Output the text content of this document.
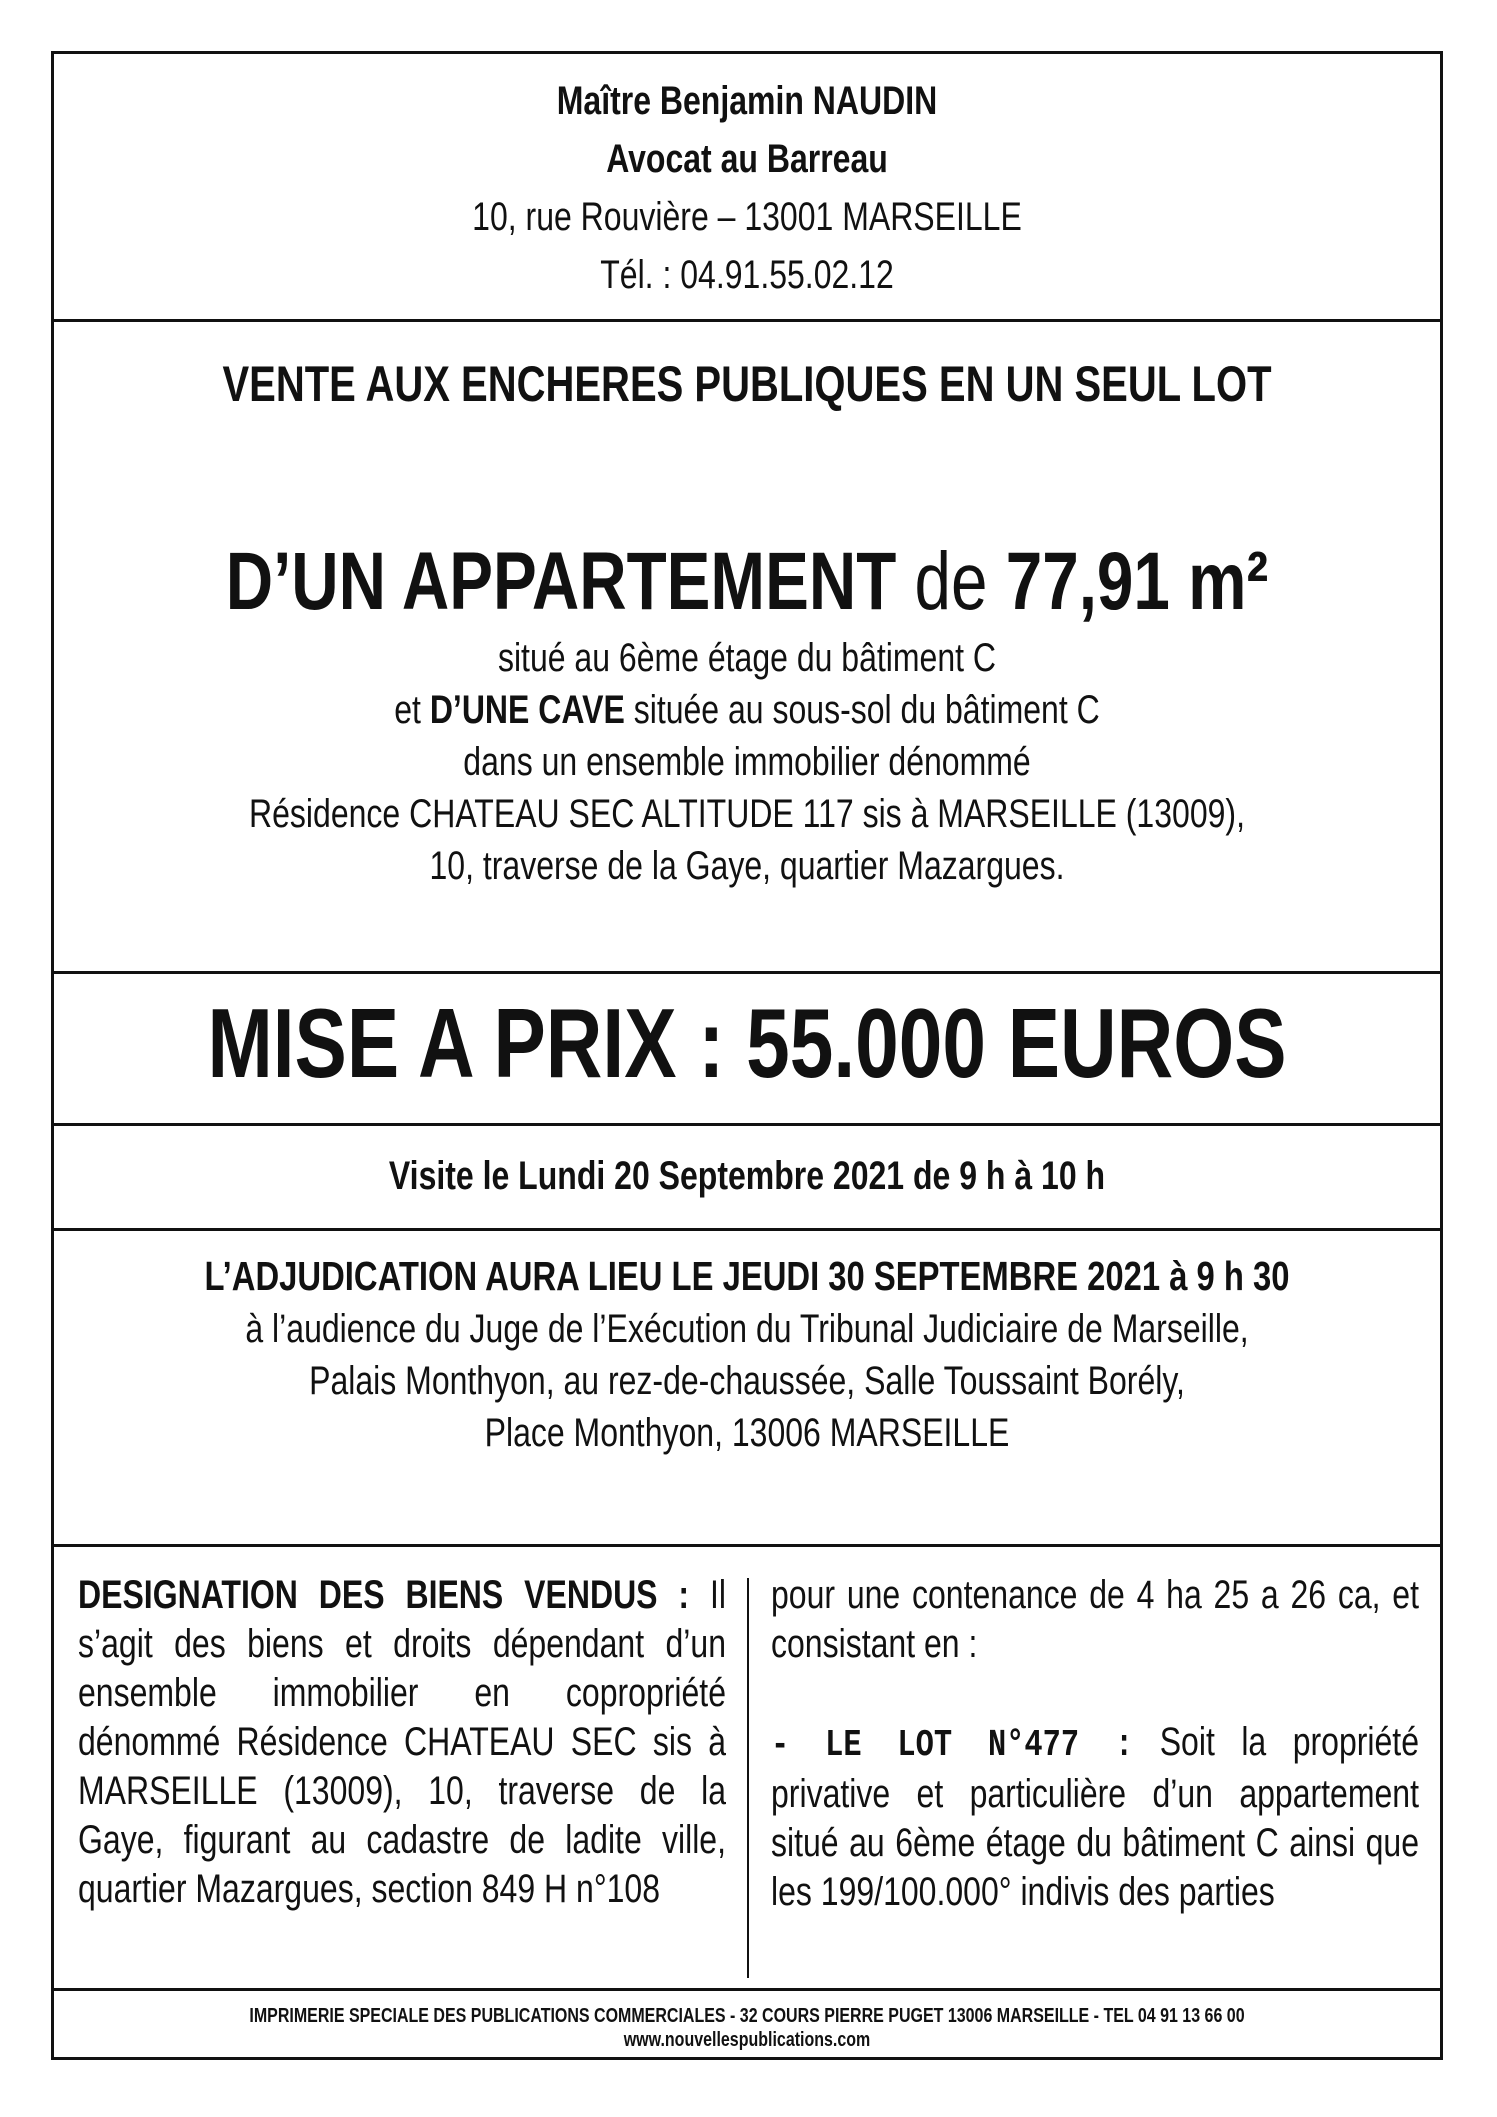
Maître Benjamin NAUDIN
Avocat au Barreau
10, rue Rouvière – 13001 MARSEILLE
Tél. : 04.91.55.02.12
VENTE AUX ENCHERES PUBLIQUES EN UN SEUL LOT
D’UN APPARTEMENT de 77,91 m²
situé au 6ème étage du bâtiment C
et D’UNE CAVE située au sous-sol du bâtiment C
dans un ensemble immobilier dénommé
Résidence CHATEAU SEC ALTITUDE 117 sis à MARSEILLE (13009),
10, traverse de la Gaye, quartier Mazargues.
MISE A PRIX : 55.000 EUROS
Visite le Lundi 20 Septembre 2021 de 9 h à 10 h
L’ADJUDICATION AURA LIEU LE JEUDI 30 SEPTEMBRE 2021 à 9 h 30
à l’audience du Juge de l’Exécution du Tribunal Judiciaire de Marseille,
Palais Monthyon, au rez-de-chaussée, Salle Toussaint Borély,
Place Monthyon, 13006 MARSEILLE

DESIGNATION DES BIENS VENDUS : Il s’agit des biens et droits dépendant d’un ensemble immobilier en copropriété dénommé Résidence CHATEAU SEC sis à MARSEILLE (13009), 10, traverse de la Gaye, figurant au cadastre de ladite ville, quartier Mazargues, section 849 H n°108

pour une contenance de 4 ha 25 a 26 ca, et consistant en :

- LE LOT N°477 : Soit la propriété privative et particulière d’un appartement situé au 6ème étage du bâtiment C ainsi que les 199/100.000° indivis des parties

IMPRIMERIE SPECIALE DES PUBLICATIONS COMMERCIALES - 32 COURS PIERRE PUGET 13006 MARSEILLE - TEL 04 91 13 66 00
www.nouvellespublications.com
